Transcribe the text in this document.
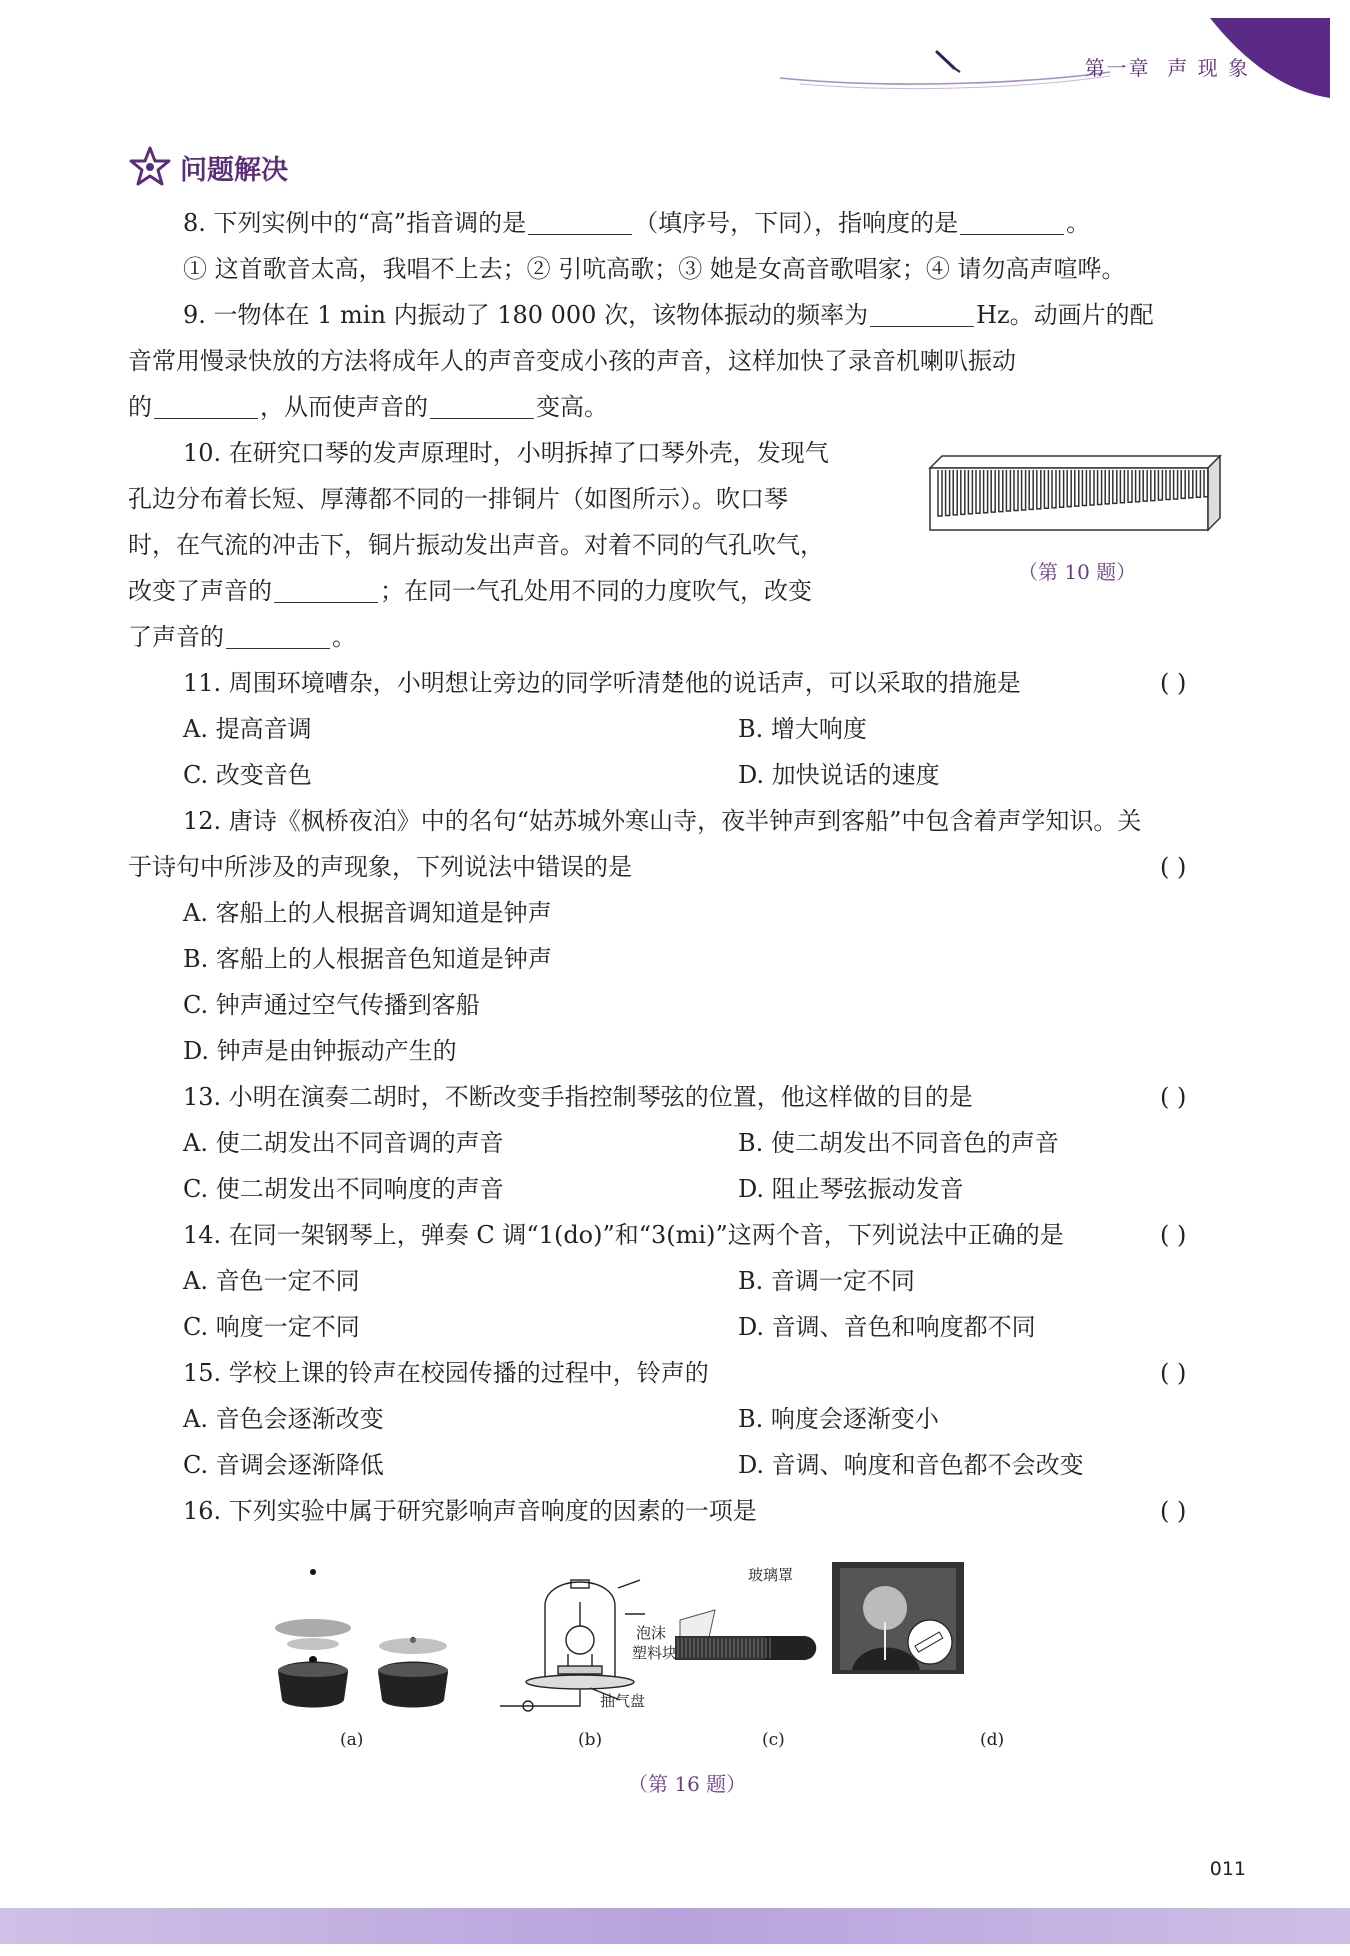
第一章 声 现 象
问题解决
8. 下列实例中的“高”指音调的是	（填序号，下同），指响度的是	。
① 这首歌音太高，我唱不上去；② 引吭高歌；③ 她是女高音歌唱家；④ 请勿高声喧哗。
9. 一物体在 1 min 内振动了 180 000 次，该物体振动的频率为	Hz。动画片的配
音常用慢录快放的方法将成年人的声音变成小孩的声音，这样加快了录音机喇叭振动
的	，从而使声音的	变高。
10. 在研究口琴的发声原理时，小明拆掉了口琴外壳，发现气
孔边分布着长短、厚薄都不同的一排铜片（如图所示）。吹口琴
时，在气流的冲击下，铜片振动发出声音。对着不同的气孔吹气，
改变了声音的	；在同一气孔处用不同的力度吹气，改变
了声音的	。
（第 10 题）
11. 周围环境嘈杂，小明想让旁边的同学听清楚他的说话声，可以采取的措施是	( )
A. 提高音调	B. 增大响度
C. 改变音色	D. 加快说话的速度
12. 唐诗《枫桥夜泊》中的名句“姑苏城外寒山寺，夜半钟声到客船”中包含着声学知识。关
于诗句中所涉及的声现象，下列说法中错误的是	( )
A. 客船上的人根据音调知道是钟声
B. 客船上的人根据音色知道是钟声
C. 钟声通过空气传播到客船
D. 钟声是由钟振动产生的
13. 小明在演奏二胡时，不断改变手指控制琴弦的位置，他这样做的目的是	( )
A. 使二胡发出不同音调的声音	B. 使二胡发出不同音色的声音
C. 使二胡发出不同响度的声音	D. 阻止琴弦振动发音
14. 在同一架钢琴上，弹奏 C 调“1(do)”和“3(mi)”这两个音，下列说法中正确的是	( )
A. 音色一定不同	B. 音调一定不同
C. 响度一定不同	D. 音调、音色和响度都不同
15. 学校上课的铃声在校园传播的过程中，铃声的	( )
A. 音色会逐渐改变	B. 响度会逐渐变小
C. 音调会逐渐降低	D. 音调、响度和音色都不会改变
16. 下列实验中属于研究影响声音响度的因素的一项是	( )
玻璃罩
泡沫
塑料块
抽气盘
(a)	(b)	(c)	(d)
（第 16 题）
011
